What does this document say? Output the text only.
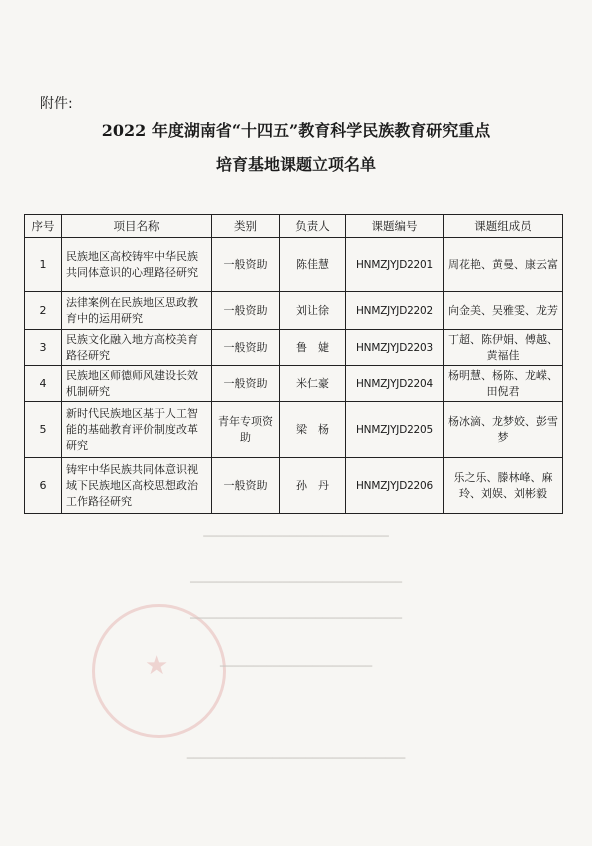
★
附件:
2022 年度湖南省“十四五”教育科学民族教育研究重点
培育基地课题立项名单
序号	项目名称	类别	负责人	课题编号	课题组成员
1	民族地区高校铸牢中华民族共同体意识的心理路径研究	一般资助	陈佳慧	HNMZJYJD2201	周花艳、黄曼、康云富
2	法律案例在民族地区思政教育中的运用研究	一般资助	刘让徐	HNMZJYJD2202	向金美、吴雅雯、龙芳
3	民族文化融入地方高校美育路径研究	一般资助	鲁　婕	HNMZJYJD2203	丁超、陈伊娟、傅越、黄福佳
4	民族地区师德师风建设长效机制研究	一般资助	米仁豪	HNMZJYJD2204	杨明慧、杨陈、龙嵘、田倪君
5	新时代民族地区基于人工智能的基础教育评价制度改革研究	青年专项资助	梁　杨	HNMZJYJD2205	杨冰滴、龙梦姣、彭雪梦
6	铸牢中华民族共同体意识视域下民族地区高校思想政治工作路径研究	一般资助	孙　丹	HNMZJYJD2206	乐之乐、滕林峰、麻玲、刘娱、刘彬毅
━━━━━━━━━━━━━━━━━━━━━━━━━━━━
━━━━━━━━━━━━━━━━━━━━━━━━━━━━━━━━
━━━━━━━━━━━━━━━━━━━━━━━━━━━━━━━━
━━━━━━━━━━━━━━━━━━━━━━━
━━━━━━━━━━━━━━━━━━━━━━━━━━━━━━━━━
